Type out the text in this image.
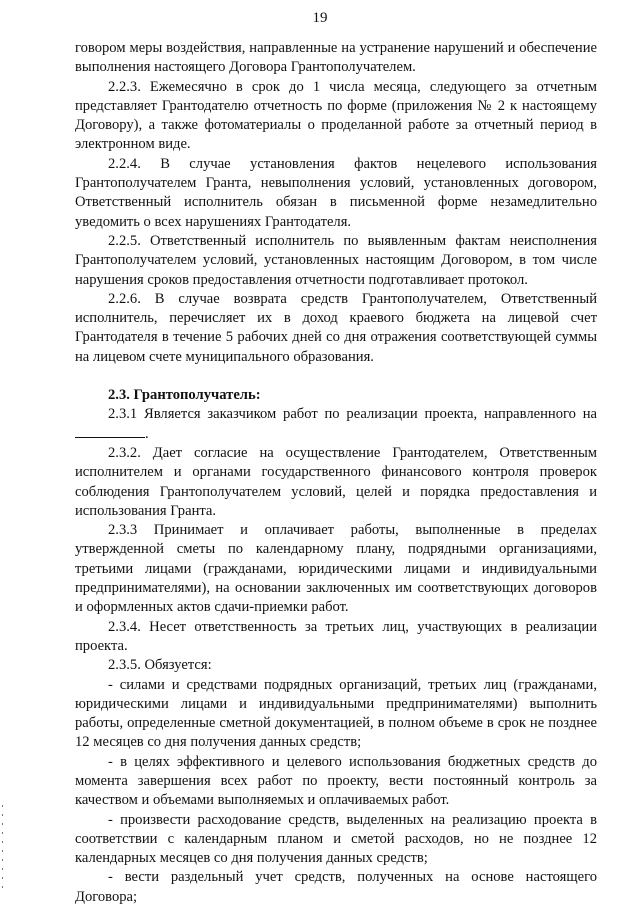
19

говором меры воздействия, направленные на устранение нарушений и обеспечение выполнения настоящего Договора Грантополучателем.

2.2.3. Ежемесячно в срок до 1 числа месяца, следующего за отчетным представляет Грантодателю отчетность по форме (приложения № 2 к настоящему Договору), а также фотоматериалы о проделанной работе за отчетный период в электронном виде.

2.2.4. В случае установления фактов нецелевого использования Грантополучателем Гранта, невыполнения условий, установленных договором, Ответственный исполнитель обязан в письменной форме незамедлительно уведомить о всех нарушениях Грантодателя.

2.2.5. Ответственный исполнитель по выявленным фактам неисполнения Грантополучателем условий, установленных настоящим Договором, в том числе нарушения сроков предоставления отчетности подготавливает протокол.

2.2.6. В случае возврата средств Грантополучателем, Ответственный исполнитель, перечисляет их в доход краевого бюджета на лицевой счет Грантодателя в течение 5 рабочих дней со дня отражения соответствующей суммы на лицевом счете муниципального образования.

2.3. Грантополучатель:

2.3.1 Является заказчиком работ по реализации проекта, направленного на.

2.3.2. Дает согласие на осуществление Грантодателем, Ответственным исполнителем и органами государственного финансового контроля проверок соблюдения Грантополучателем условий, целей и порядка предоставления и использования Гранта.

2.3.3 Принимает и оплачивает работы, выполненные в пределах утвержденной сметы по календарному плану, подрядными организациями, третьими лицами (гражданами, юридическими лицами и индивидуальными предпринимателями), на основании заключенных им соответствующих договоров и оформленных актов сдачи-приемки работ.

2.3.4. Несет ответственность за третьих лиц, участвующих в реализации проекта.

2.3.5. Обязуется:

- силами и средствами подрядных организаций, третьих лиц (гражданами, юридическими лицами и индивидуальными предпринимателями) выполнить работы, определенные сметной документацией, в полном объеме в срок не позднее 12 месяцев со дня получения данных средств;

- в целях эффективного и целевого использования бюджетных средств до момента завершения всех работ по проекту, вести постоянный контроль за качеством и объемами выполняемых и оплачиваемых работ.

- произвести расходование средств, выделенных на реализацию проекта в соответствии с календарным планом и сметой расходов, но не позднее 12 календарных месяцев со дня получения данных средств;

- вести раздельный учет средств, полученных на основе настоящего Договора;
